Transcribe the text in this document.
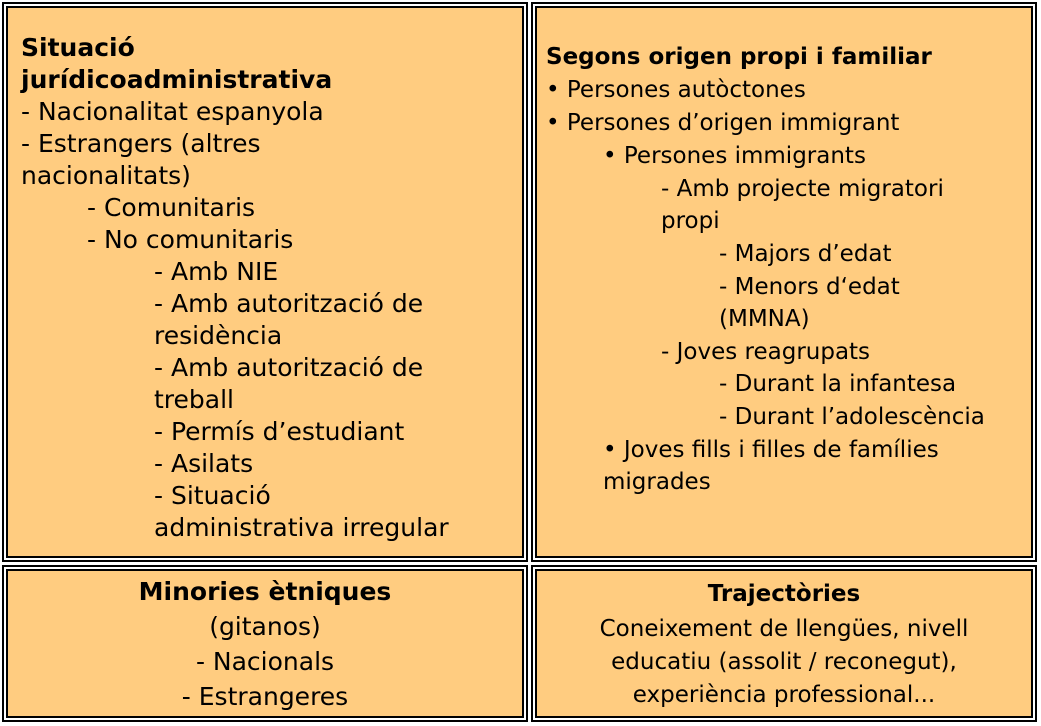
Situació
jurídicoadministrativa
- Nacionalitat espanyola
- Estrangers (altres
nacionalitats)
- Comunitaris
- No comunitaris
- Amb NIE
- Amb autorització de
residència
- Amb autorització de
treball
- Permís d’estudiant
- Asilats
- Situació
administrativa irregular
Segons origen propi i familiar
• Persones autòctones
• Persones d’origen immigrant
• Persones immigrants
- Amb projecte migratori
propi
- Majors d’edat
- Menors d‘edat
(MMNA)
- Joves reagrupats
- Durant la infantesa
- Durant l’adolescència
• Joves fills i filles de famílies
migrades
Minories ètniques
(gitanos)
- Nacionals
- Estrangeres
Trajectòries
Coneixement de llengües, nivell
educatiu (assolit / reconegut),
experiència professional...
